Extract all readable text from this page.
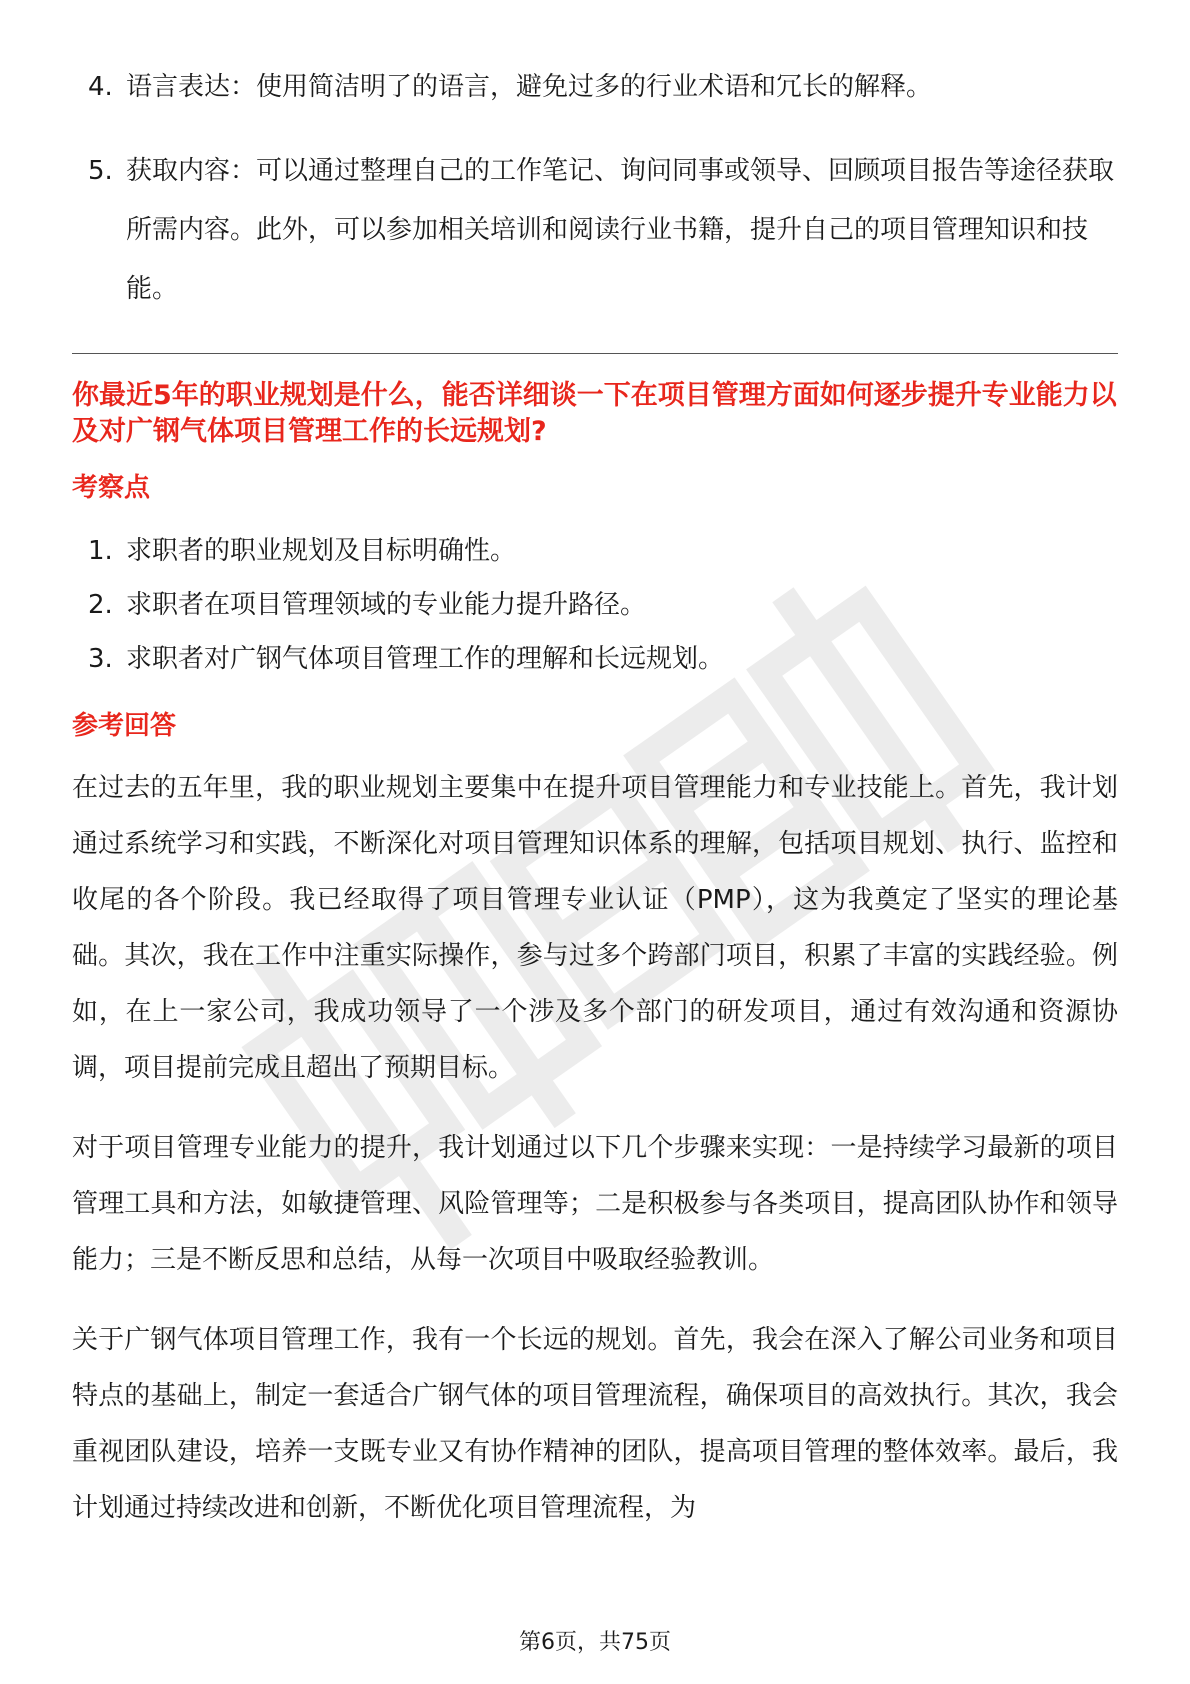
4. 语言表达：使用简洁明了的语言，避免过多的行业术语和冗长的解释。
5. 获取内容：可以通过整理自己的工作笔记、询问同事或领导、回顾项目报告等途径获取所需内容。此外，可以参加相关培训和阅读行业书籍，提升自己的项目管理知识和技能。

你最近5年的职业规划是什么，能否详细谈一下在项目管理方面如何逐步提升专业能力以及对广钢气体项目管理工作的长远规划?

考察点
1. 求职者的职业规划及目标明确性。
2. 求职者在项目管理领域的专业能力提升路径。
3. 求职者对广钢气体项目管理工作的理解和长远规划。
参考回答

在过去的五年里，我的职业规划主要集中在提升项目管理能力和专业技能上。首先，我计划通过系统学习和实践，不断深化对项目管理知识体系的理解，包括项目规划、执行、监控和收尾的各个阶段。我已经取得了项目管理专业认证（PMP），这为我奠定了坚实的理论基础。其次，我在工作中注重实际操作，参与过多个跨部门项目，积累了丰富的实践经验。例如，在上一家公司，我成功领导了一个涉及多个部门的研发项目，通过有效沟通和资源协调，项目提前完成且超出了预期目标。

对于项目管理专业能力的提升，我计划通过以下几个步骤来实现：一是持续学习最新的项目管理工具和方法，如敏捷管理、风险管理等；二是积极参与各类项目，提高团队协作和领导能力；三是不断反思和总结，从每一次项目中吸取经验教训。

关于广钢气体项目管理工作，我有一个长远的规划。首先，我会在深入了解公司业务和项目特点的基础上，制定一套适合广钢气体的项目管理流程，确保项目的高效执行。其次，我会重视团队建设，培养一支既专业又有协作精神的团队，提高项目管理的整体效率。最后，我计划通过持续改进和创新，不断优化项目管理流程，为

第6页，共75页
